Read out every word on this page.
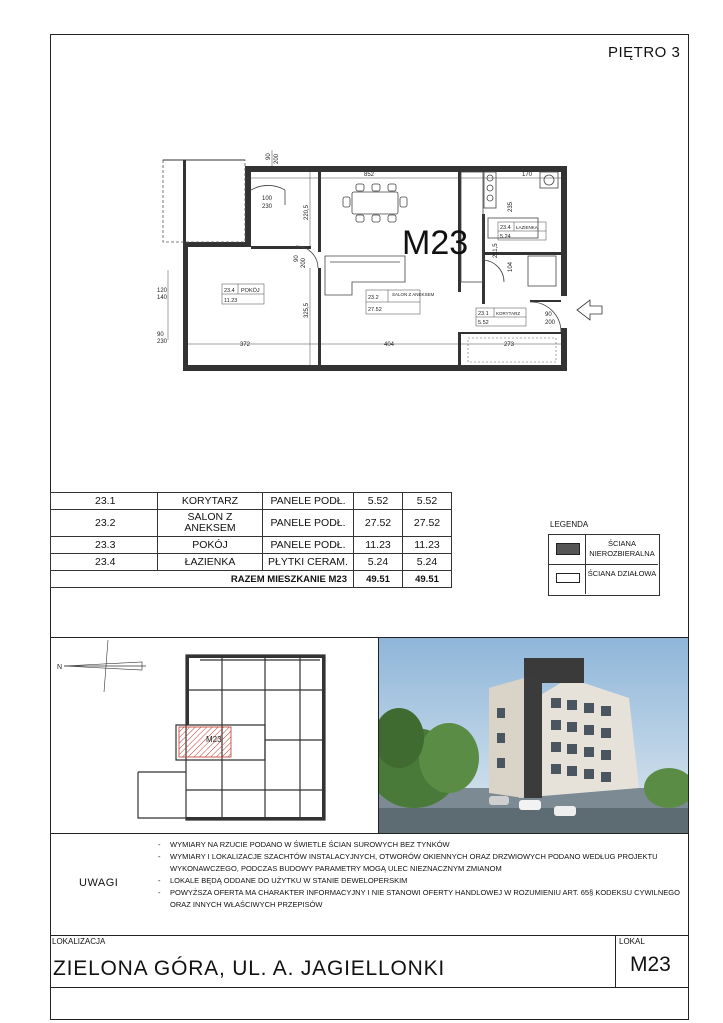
PIĘTRO 3
23.4 POKÓJ
11.23	23.2
SALON Z ANEKSEM
27.52
23.4 ŁAZIENKA
5.24
23.1 KORYTARZ
5.52
852	170
100
230
372	404	273
120
140
90
230
90
200
220,5
325,5
211,5
104
90 200
90 200
235
M23
23.1	KORYTARZ	PANELE PODŁ.	5.52	5.52
23.2	SALON Z ANEKSEM	PANELE PODŁ.	27.52	27.52
23.3	POKÓJ	PANELE PODŁ.	11.23	11.23
23.4	ŁAZIENKA	PŁYTKI CERAM.	5.24	5.24
RAZEM MIESZKANIE M23			49.51	49.51
LEGENDA
ŚCIANA NIEROZBIERALNA
ŚCIANA DZIAŁOWA
M23
N
UWAGI
- WYMIARY NA RZUCIE PODANO W ŚWIETLE ŚCIAN SUROWYCH BEZ TYNKÓW
- WYMIARY I LOKALIZACJE SZACHTÓW INSTALACYJNYCH, OTWORÓW OKIENNYCH ORAZ DRZWIOWYCH PODANO WEDŁUG PROJEKTU WYKONAWCZEGO, PODCZAS BUDOWY PARAMETRY MOGĄ ULEC NIEZNACZNYM ZMIANOM
- LOKALE BĘDĄ ODDANE DO UŻYTKU W STANIE DEWELOPERSKIM
- POWYŻSZA OFERTA MA CHARAKTER INFORMACYJNY I NIE STANOWI OFERTY HANDLOWEJ W ROZUMIENIU ART. 65§ KODEKSU CYWILNEGO ORAZ INNYCH WŁAŚCIWYCH PRZEPISÓW
LOKALIZACJA
ZIELONA GÓRA, UL. A. JAGIELLONKI
LOKAL
M23
